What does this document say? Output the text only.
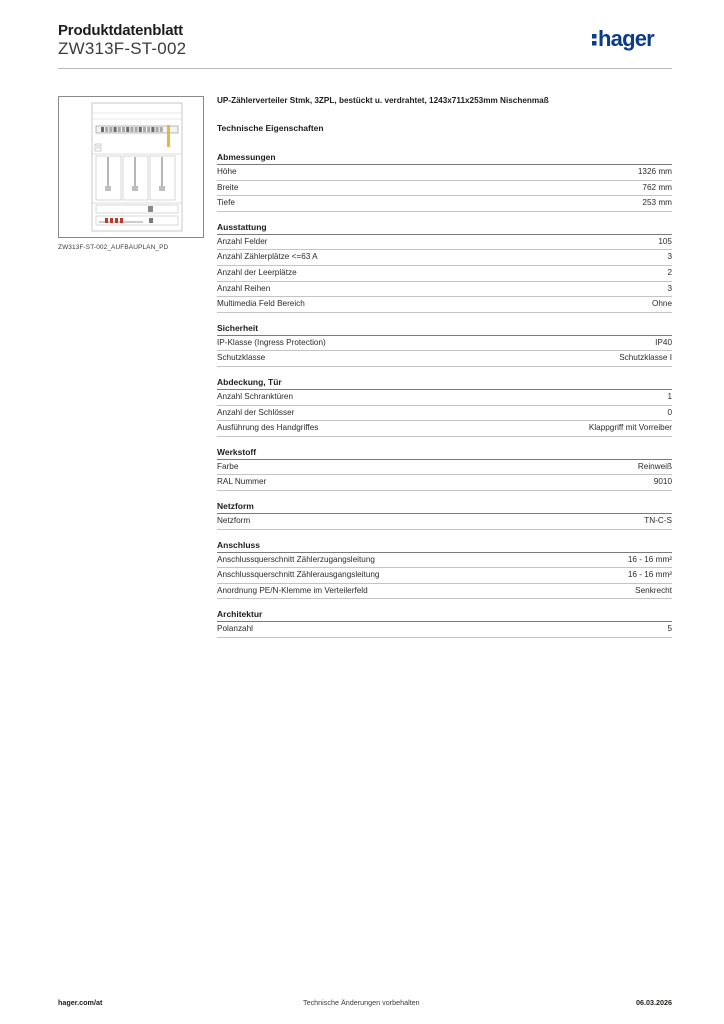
Produktdatenblatt
ZW313F-ST-002	hager
ZW313F-ST-002_AUFBAUPLAN_PD
UP-Zählerverteiler Stmk, 3ZPL, bestückt u. verdrahtet, 1243x711x253mm Nischenmaß
Technische Eigenschaften
Abmessungen
Höhe	1326 mm
Breite	762 mm
Tiefe	253 mm
Ausstattung
Anzahl Felder	105
Anzahl Zählerplätze <=63 A	3
Anzahl der Leerplätze	2
Anzahl Reihen	3
Multimedia Feld Bereich	Ohne
Sicherheit
IP-Klasse (Ingress Protection)	IP40
Schutzklasse	Schutzklasse I
Abdeckung, Tür
Anzahl Schranktüren	1
Anzahl der Schlösser	0
Ausführung des Handgriffes	Klappgriff mit Vorreiber
Werkstoff
Farbe	Reinweiß
RAL Nummer	9010
Netzform
Netzform	TN-C-S
Anschluss
Anschlussquerschnitt Zählerzugangsleitung	16 - 16 mm²
Anschlussquerschnitt Zählerausgangsleitung	16 - 16 mm²
Anordnung PE/N-Klemme im Verteilerfeld	Senkrecht
Architektur
Polanzahl	5
hager.com/at	Technische Änderungen vorbehalten	06.03.2026
